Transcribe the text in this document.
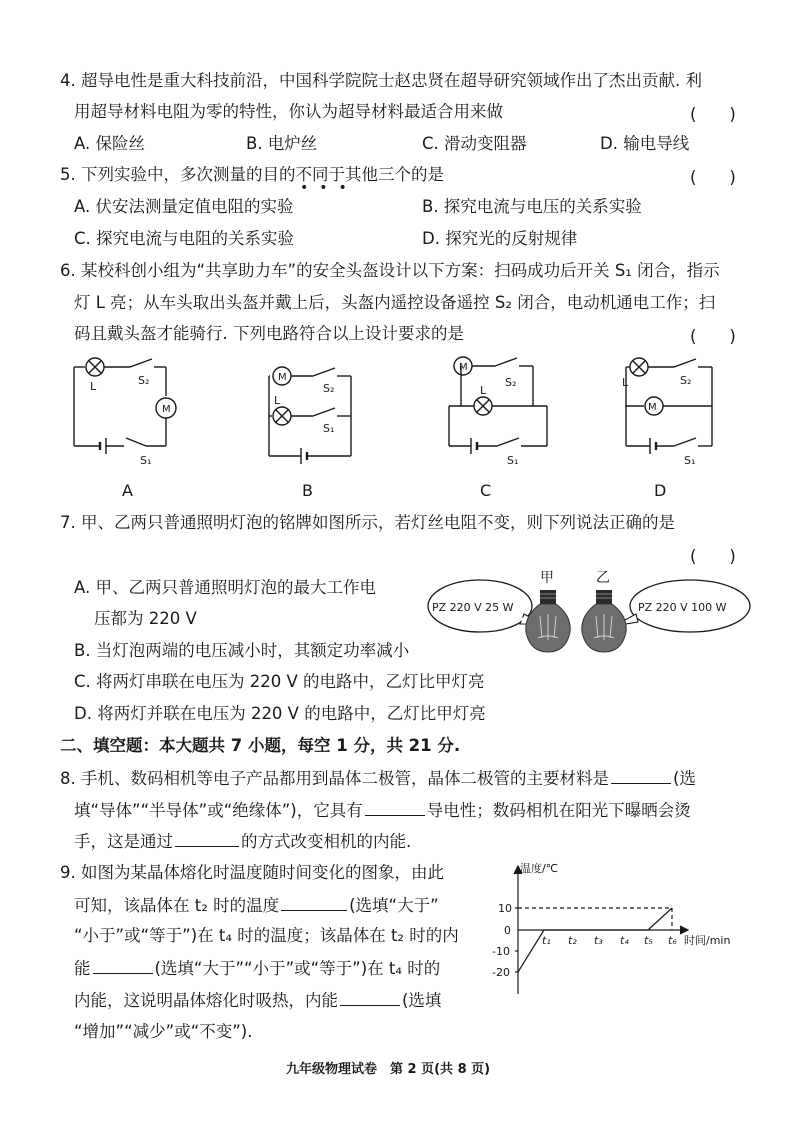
4. 超导电性是重大科技前沿，中国科学院院士赵忠贤在超导研究领域作出了杰出贡献. 利
用超导材料电阻为零的特性，你认为超导材料最适合用来做	(　　)
A. 保险丝	B. 电炉丝	C. 滑动变阻器	D. 输电导线
5. 下列实验中，多次测量的目的不同于其他三个的是
•••
(　　)
A. 伏安法测量定值电阻的实验	B. 探究电流与电压的关系实验
C. 探究电流与电阻的关系实验	D. 探究光的反射规律
6. 某校科创小组为“共享助力车”的安全头盔设计以下方案：扫码成功后开关 S₁ 闭合，指示
灯 L 亮；从车头取出头盔并戴上后，头盔内遥控设备遥控 S₂ 闭合，电动机通电工作；扫
码且戴头盔才能骑行. 下列电路符合以上设计要求的是	(　　)
L	S₂
M
S₁
M
S₂
L
S₁
M
S₂
L
S₁
L	S₂
M
S₁
A	B	C	D
7. 甲、乙两只普通照明灯泡的铭牌如图所示，若灯丝电阻不变，则下列说法正确的是
(　　)
A. 甲、乙两只普通照明灯泡的最大工作电
压都为 220 V
B. 当灯泡两端的电压减小时，其额定功率减小
C. 将两灯串联在电压为 220 V 的电路中，乙灯比甲灯亮
D. 将两灯并联在电压为 220 V 的电路中，乙灯比甲灯亮
PZ 220 V 25 W	PZ 220 V 100 W
甲	乙
二、填空题：本大题共 7 小题，每空 1 分，共 21 分.
8. 手机、数码相机等电子产品都用到晶体二极管，晶体二极管的主要材料是	(选
填“导体”“半导体”或“绝缘体”)，它具有	导电性；数码相机在阳光下曝晒会烫
手，这是通过	的方式改变相机的内能.
9. 如图为某晶体熔化时温度随时间变化的图象，由此
可知，该晶体在 t₂ 时的温度	(选填“大于”
“小于”或“等于”)在 t₄ 时的温度；该晶体在 t₂ 时的内
能	(选填“大于”“小于”或“等于”)在 t₄ 时的
内能，这说明晶体熔化时吸热，内能	(选填
“增加”“减少”或“不变”).
温度/℃
10
0
-10
-20
t₁ t₂ t₃ t₄ t₅ t₆ 时间/min
九年级物理试卷　第 2 页(共 8 页)
